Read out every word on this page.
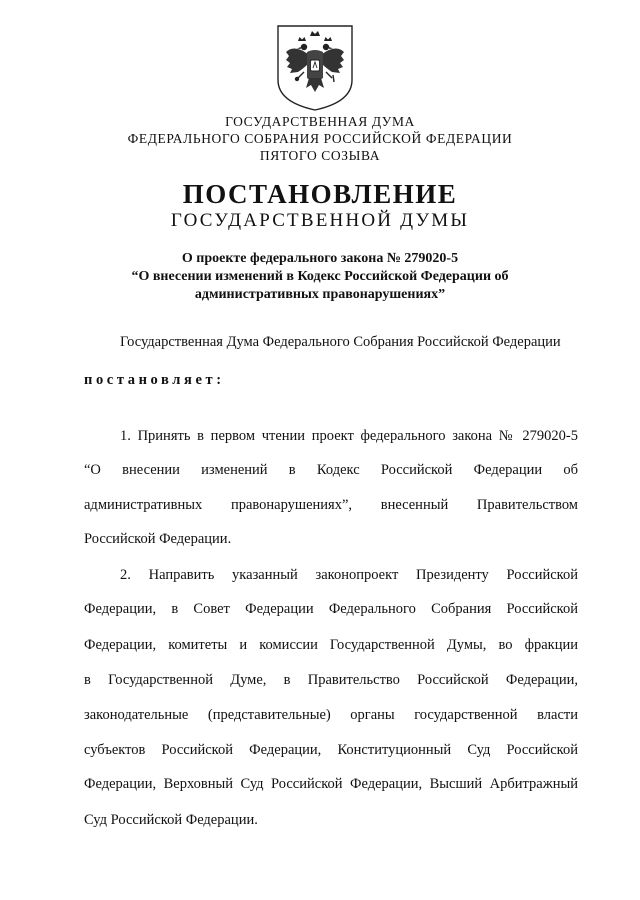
ГОСУДАРСТВЕННАЯ ДУМА
ФЕДЕРАЛЬНОГО СОБРАНИЯ РОССИЙСКОЙ ФЕДЕРАЦИИ
ПЯТОГО СОЗЫВА
ПОСТАНОВЛЕНИЕ
ГОСУДАРСТВЕННОЙ ДУМЫ
О проекте федерального закона № 279020-5
“О внесении изменений в Кодекс Российской Федерации об
административных правонарушениях”
Государственная Дума Федерального Собрания Российской Федерации
постановляет:
1. Принять в первом чтении проект федерального закона № 279020-5
“О внесении изменений в Кодекс Российской Федерации об
административных правонарушениях”, внесенный Правительством
Российской Федерации.
2. Направить указанный законопроект Президенту Российской
Федерации, в Совет Федерации Федерального Собрания Российской
Федерации, комитеты и комиссии Государственной Думы, во фракции
в Государственной Думе, в Правительство Российской Федерации,
законодательные (представительные) органы государственной власти
субъектов Российской Федерации, Конституционный Суд Российской
Федерации, Верховный Суд Российской Федерации, Высший Арбитражный
Суд Российской Федерации.
